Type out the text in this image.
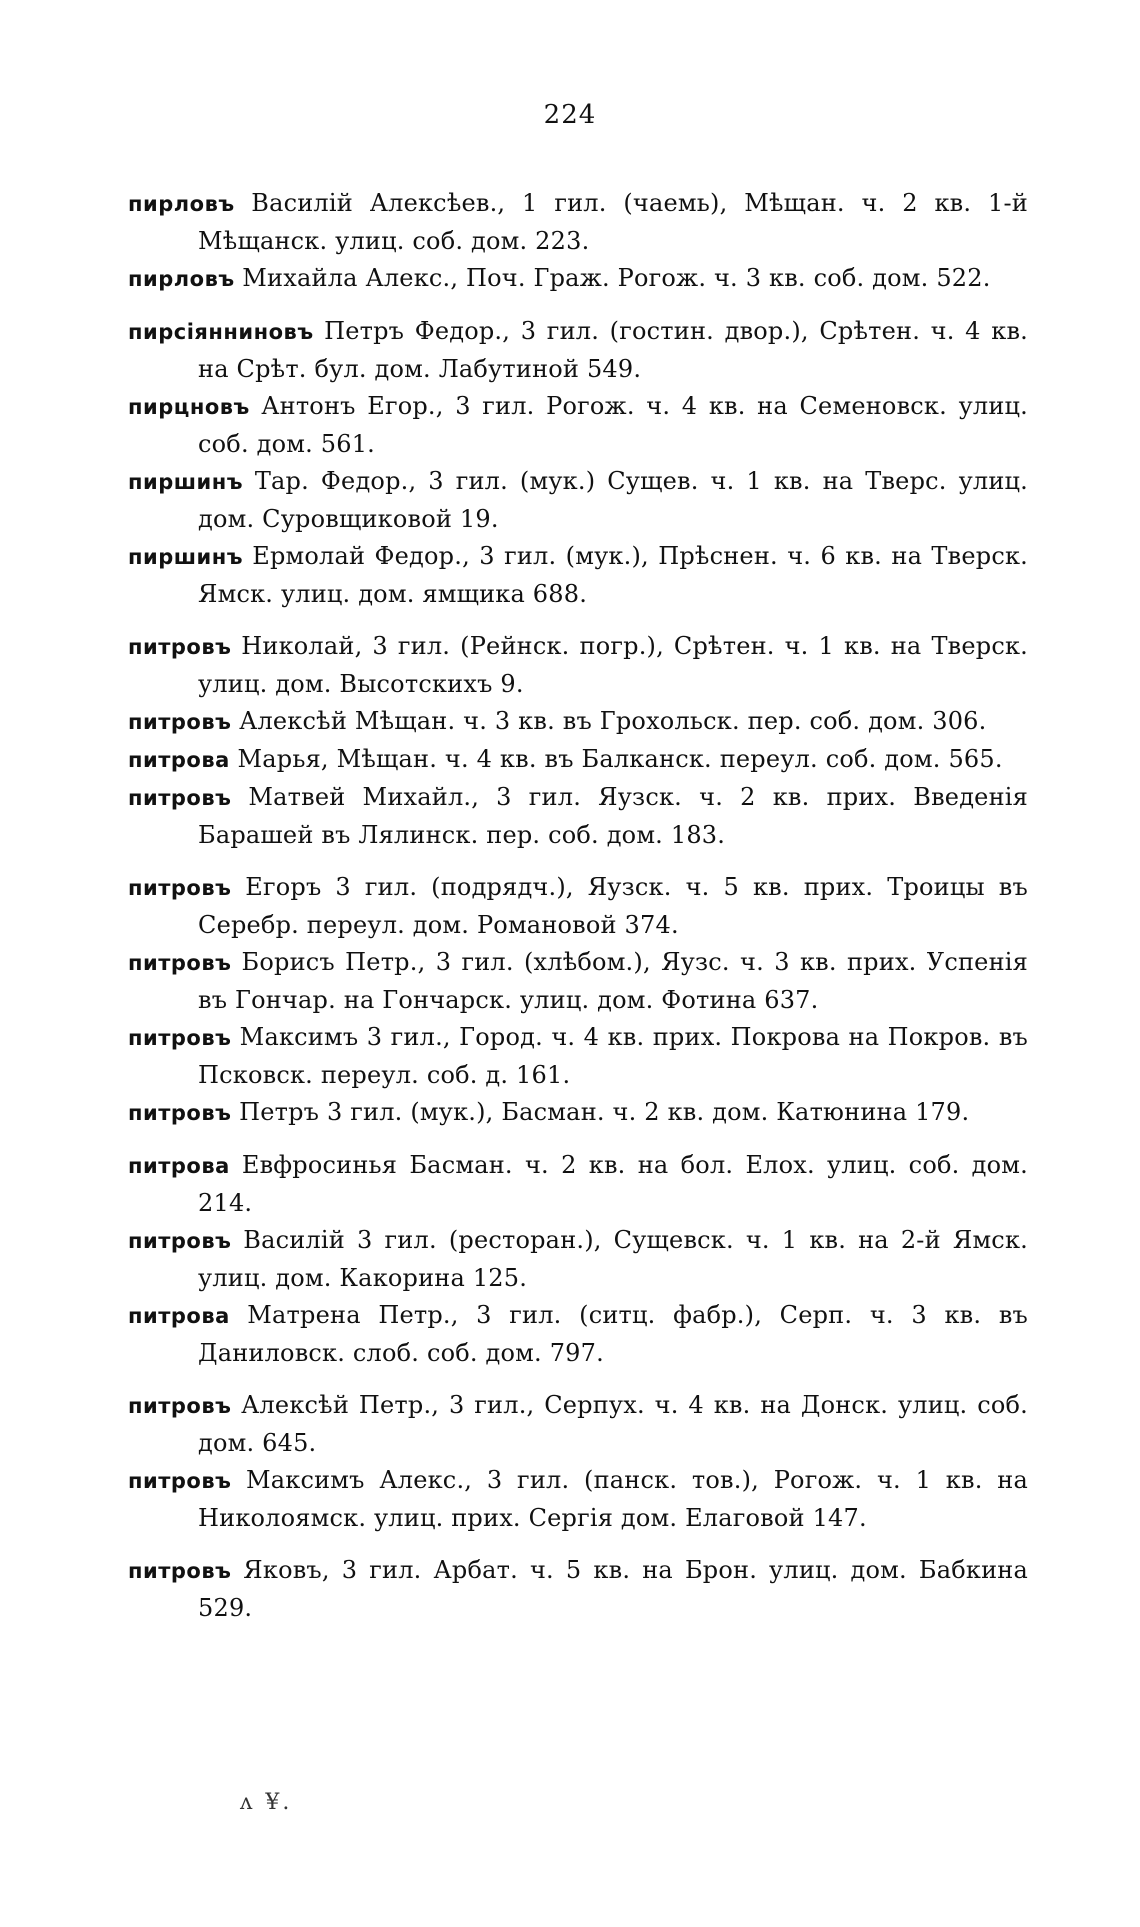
224

пирловъ Василій Алексѣев., 1 гил. (чаемь), Мѣщан. ч. 2 кв. 1-й Мѣщанск. улиц. соб. дом. 223.

пирловъ Михайла Алекс., Поч. Граж. Рогож. ч. 3 кв. соб. дом. 522.

пирсіянниновъ Петръ Федор., 3 гил. (гостин. двор.), Срѣтен. ч. 4 кв. на Срѣт. бул. дом. Лабутиной 549.

пирцновъ Антонъ Егор., 3 гил. Рогож. ч. 4 кв. на Семеновск. улиц. соб. дом. 561.

пиршинъ Тар. Федор., 3 гил. (мук.) Сущев. ч. 1 кв. на Тверс. улиц. дом. Суровщиковой 19.

пиршинъ Ермолай Федор., 3 гил. (мук.), Прѣснен. ч. 6 кв. на Тверск. Ямск. улиц. дом. ямщика 688.

питровъ Николай, 3 гил. (Рейнск. погр.), Срѣтен. ч. 1 кв. на Тверск. улиц. дом. Высотскихъ 9.

питровъ Алексѣй Мѣщан. ч. 3 кв. въ Грохольск. пер. соб. дом. 306.

питрова Марья, Мѣщан. ч. 4 кв. въ Балканск. переул. соб. дом. 565.

питровъ Матвей Михайл., 3 гил. Яузск. ч. 2 кв. прих. Введенія Барашей въ Лялинск. пер. соб. дом. 183.

питровъ Егоръ 3 гил. (подрядч.), Яузск. ч. 5 кв. прих. Троицы въ Серебр. переул. дом. Романовой 374.

питровъ Борисъ Петр., 3 гил. (хлѣбом.), Яузс. ч. 3 кв. прих. Успенія въ Гончар. на Гончарск. улиц. дом. Фотина 637.

питровъ Максимъ 3 гил., Город. ч. 4 кв. прих. Покрова на Покров. въ Псковск. переул. соб. д. 161.

питровъ Петръ 3 гил. (мук.), Басман. ч. 2 кв. дом. Катюнина 179.

питрова Евфросинья Басман. ч. 2 кв. на бол. Елох. улиц. соб. дом. 214.

питровъ Василій 3 гил. (ресторан.), Сущевск. ч. 1 кв. на 2-й Ямск. улиц. дом. Какорина 125.

питрова Матрена Петр., 3 гил. (ситц. фабр.), Серп. ч. 3 кв. въ Даниловск. слоб. соб. дом. 797.

питровъ Алексѣй Петр., 3 гил., Серпух. ч. 4 кв. на Донск. улиц. соб. дом. 645.

питровъ Максимъ Алекс., 3 гил. (панск. тов.), Рогож. ч. 1 кв. на Николоямск. улиц. прих. Сергія дом. Елаговой 147.

питровъ Яковъ, 3 гил. Арбат. ч. 5 кв. на Брон. улиц. дом. Бабкина 529.

ʌ ¥.
